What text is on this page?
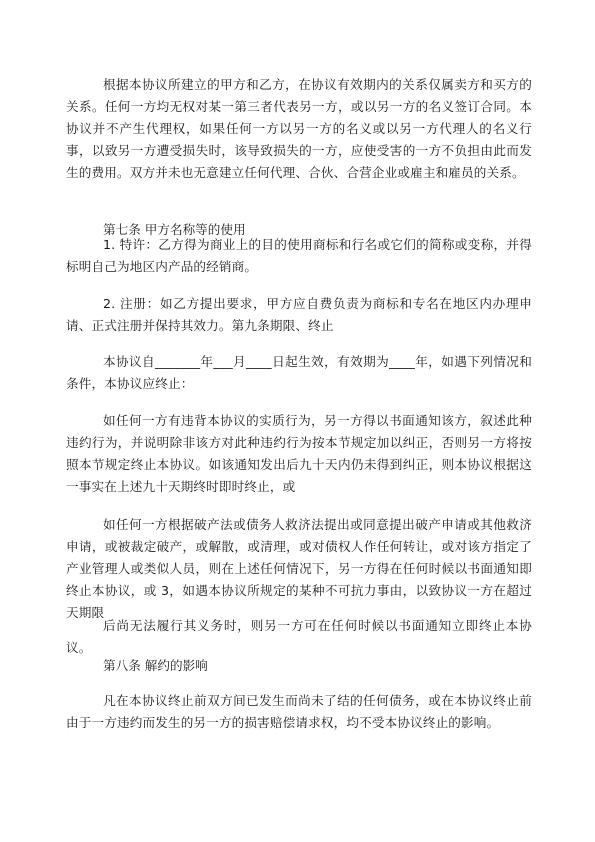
根据本协议所建立的甲方和乙方，在协议有效期内的关系仅属卖方和买方的关系。任何一方均无权对某一第三者代表另一方，或以另一方的名义签订合同。本协议并不产生代理权，如果任何一方以另一方的名义或以另一方代理人的名义行事，以致另一方遭受损失时，该导致损失的一方，应使受害的一方不负担由此而发生的费用。双方并未也无意建立任何代理、合伙、合营企业或雇主和雇员的关系。

第七条 甲方名称等的使用

1. 特许：乙方得为商业上的目的使用商标和行名或它们的简称或变称，并得标明自己为地区内产品的经销商。

2. 注册：如乙方提出要求，甲方应自费负责为商标和专名在地区内办理申请、正式注册并保持其效力。第九条期限、终止

本协议自_______年___月____日起生效，有效期为____年，如遇下列情况和条件，本协议应终止：

如任何一方有违背本协议的实质行为，另一方得以书面通知该方，叙述此种违约行为，并说明除非该方对此种违约行为按本节规定加以纠正，否则另一方将按照本节规定终止本协议。如该通知发出后九十天内仍未得到纠正，则本协议根据这一事实在上述九十天期终时即时终止，或

如任何一方根据破产法或债务人救济法提出或同意提出破产申请或其他救济申请，或被裁定破产，或解散，或清理，或对债权人作任何转让，或对该方指定了产业管理人或类似人员，则在上述任何情况下，另一方得在任何时候以书面通知即终止本协议，或 3，如遇本协议所规定的某种不可抗力事由，以致协议一方在超过天期限

后尚无法履行其义务时，则另一方可在任何时候以书面通知立即终止本协议。

第八条 解约的影响

凡在本协议终止前双方间已发生而尚未了结的任何债务，或在本协议终止前由于一方违约而发生的另一方的损害赔偿请求权，均不受本协议终止的影响。
